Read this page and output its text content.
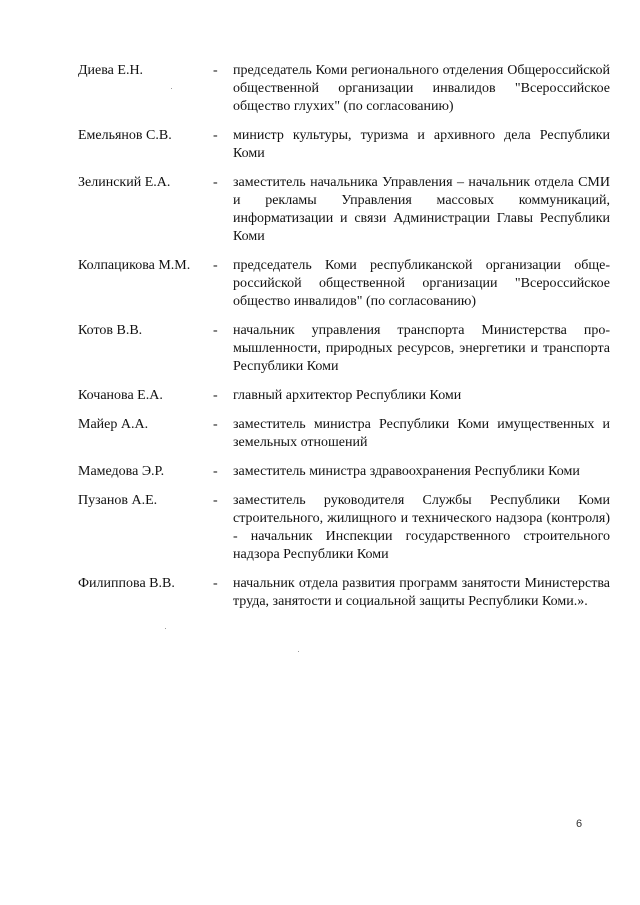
Диева Е.Н.	-	председатель Коми регионального отделения Общероссийской общественной организации инвалидов "Всероссийское общество глухих" (по согласованию)
Емельянов С.В.	-	министр культуры, туризма и архивного дела Республики Коми
Зелинский Е.А.	-	заместитель начальника Управления – начальник отдела СМИ и рекламы Управления массовых коммуникаций, информатизации и связи Администрации Главы Республики Коми
Колпацикова М.М.	-	председатель Коми республиканской организации общероссийской общественной организации "Всероссийское общество инвалидов" (по согласованию)
Котов В.В.	-	начальник управления транспорта Министерства промышленности, природных ресурсов, энергетики и транспорта Республики Коми
Кочанова Е.А.	-	главный архитектор Республики Коми
Майер А.А.	-	заместитель министра Республики Коми имущественных и земельных отношений
Мамедова Э.Р.	-	заместитель министра здравоохранения Республики Коми
Пузанов А.Е.	-	заместитель руководителя Службы Республики Коми строительного, жилищного и технического надзора (контроля) - начальник Инспекции государственного строительного надзора Республики Коми
Филиппова В.В.	-	начальник отдела развития программ занятости Министерства труда, занятости и социальной защиты Республики Коми.».
6
